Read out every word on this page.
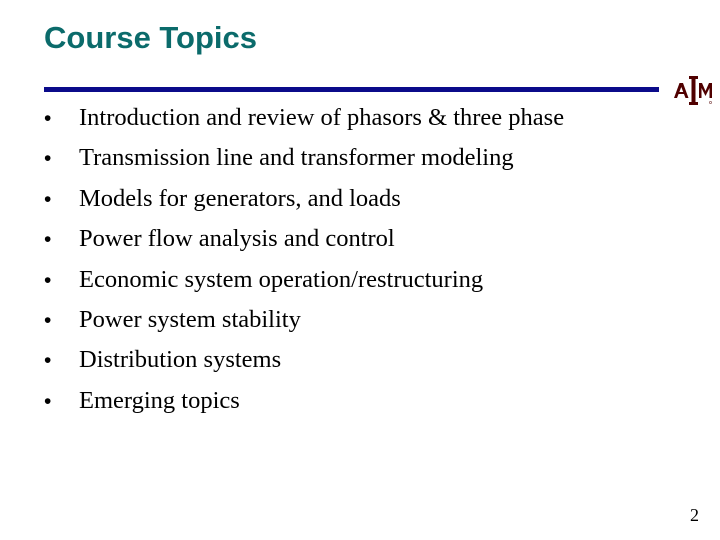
Course Topics
•	Introduction and review of phasors & three phase
•	Transmission line and transformer modeling
•	Models for generators, and loads
•	Power flow analysis and control
•	Economic system operation/restructuring
•	Power system stability
•	Distribution systems
•	Emerging topics
2
